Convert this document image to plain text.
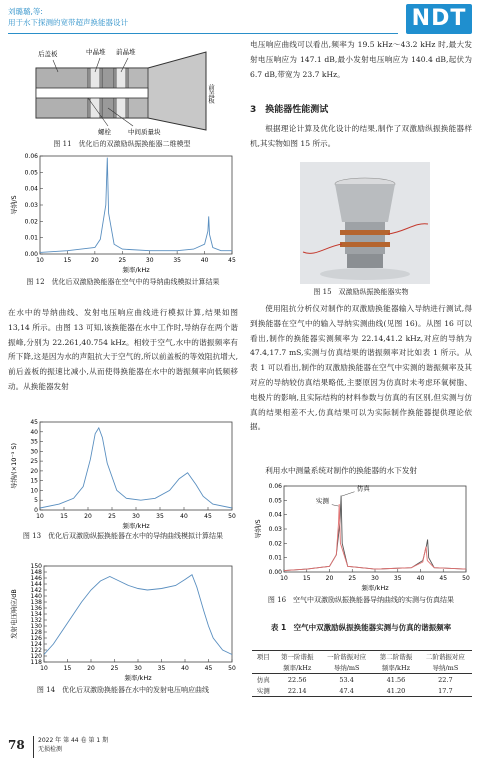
刘璐璐,等:
用于水下探测的宽带超声换能器设计	NDT
后盖板	中晶堆 前晶堆
前盖板
螺栓	中间质量块
图 11　优化后的双激励纵振换能器二维模型
10	15	20	25	30	35	40	45
0.00
0.01
0.02
0.03
0.04
0.05
0.06
频率/kHz
导纳/S
图 12　优化后双激励换能器在空气中的导纳曲线模拟计算结果
在水中的导纳曲线、发射电压响应曲线进行模拟计算,结果如图 13,14 所示。由图 13 可知,该换能器在水中工作时,导纳存在两个谐振峰,分别为 22.261,40.754 kHz。相较于空气,水中的谐振频率有所下降,这是因为水的声阻抗大于空气的,所以前盖板的等效阻抗增大,前后盖板的振速比减小,从而使得换能器在水中的谐振频率向低频移动。从换能器发射
10	15	20	25	30	35	40	45	50
0
5
10
15
20
25
30
35
40
45
频率/kHz
导纳/(×10⁻³ S)
图 13　优化后双激励纵振换能器在水中的导纳曲线模拟计算结果
10	15	20	25	30	35	40	45	50
118
120
122
124
126
128
130
132
134
136
138
140
142
144
146
148
150
频率/kHz
发射电压响应/dB
图 14　优化后双激励换能器在水中的发射电压响应曲线
电压响应曲线可以看出,频率为 19.5 kHz～43.2 kHz 时,最大发射电压响应为 147.1 dB,最小发射电压响应为 140.4 dB,起伏为 6.7 dB,带宽为 23.7 kHz。
3　换能器性能测试
根据理论计算及优化设计的结果,制作了双激励纵振换能器样机,其实物如图 15 所示。
图 15　双激励纵振换能器实物
使用阻抗分析仪对制作的双激励换能器输入导纳进行测试,得到换能器在空气中的输入导纳实测曲线(见图 16)。从图 16 可以看出,制作的换能器实测频率为 22.14,41.2 kHz,对应的导纳为 47.4,17.7 mS,实测与仿真结果的谐振频率对比如表 1 所示。从表 1 可以看出,制作的双激励换能器在空气中实测的谐振频率及其对应的导纳较仿真结果略低,主要原因为仿真时未考虑环氧树脂、电极片的影响,且实际结构的材料参数与仿真的有区别,但实测与仿真的结果相差不大,仿真结果可以为实际制作换能器提供理论依据。
利用水中测量系统对制作的换能器的水下发射
10	15	20	25	30	35	40	45	50
0.00
0.01
0.02
0.03
0.04
0.05
0.06
频率/kHz
导纳/S
仿真
实测
图 16　空气中双激励纵振换能器导纳曲线的实测与仿真结果
表 1　空气中双激励纵振换能器实测与仿真的谐振频率
项目	第一阶谐振	一阶谐振对应	第二阶谐振	二阶谐振对应
	频率/kHz	导纳/mS	频率/kHz	导纳/mS
仿真	22.56	53.4	41.56	22.7
实测	22.14	47.4	41.20	17.7
78 2022 年 第 44 卷 第 1 期
无损检测
